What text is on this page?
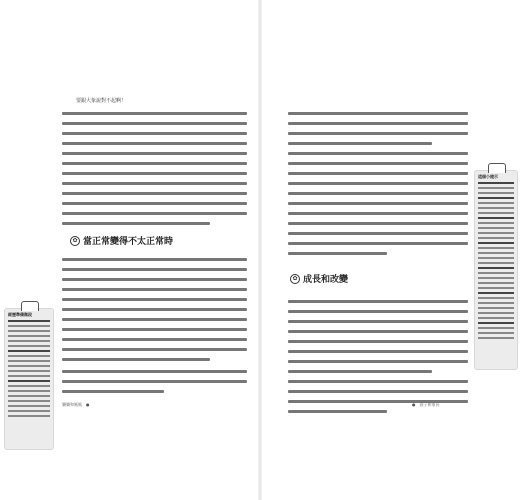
要跟大象說對不起啊！
✿ 當正常變得不太正常時
經歷準備階段
樂樂和媽媽　●
✿ 成長和改變
這個小提示
●　孩子和家長
